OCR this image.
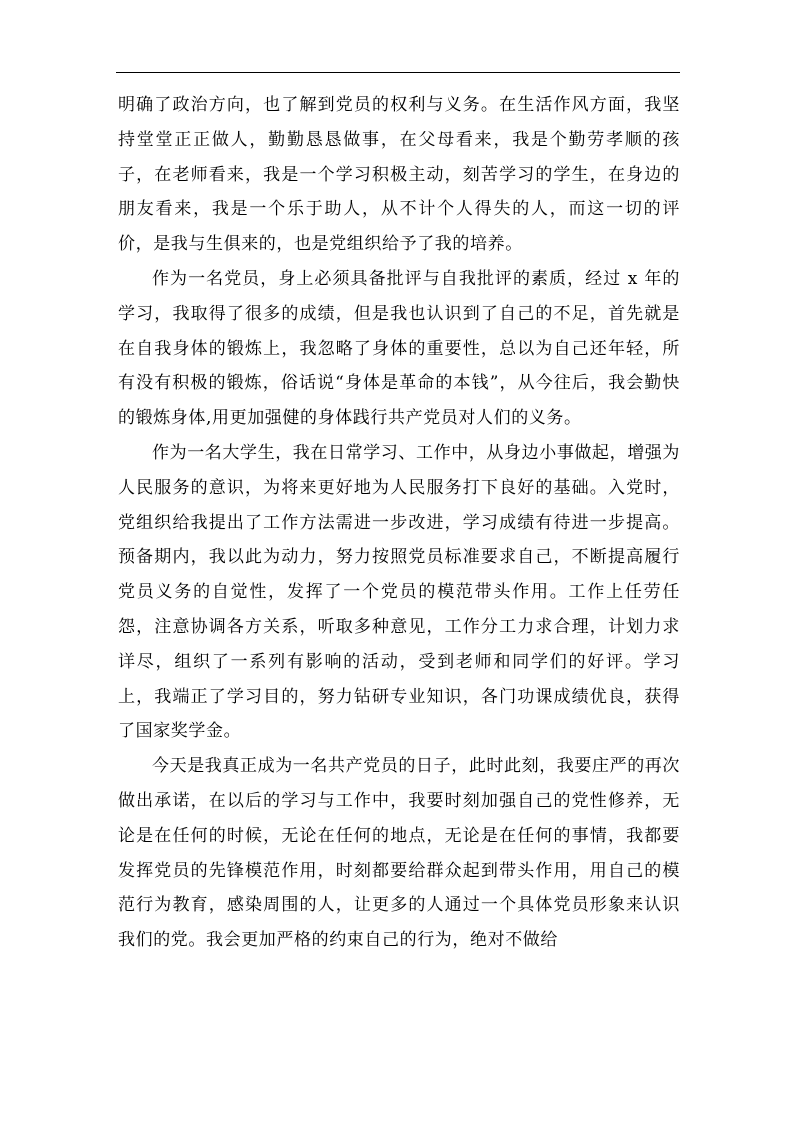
明确了政治方向，也了解到党员的权利与义务。在生活作风方面，我坚持堂堂正正做人，勤勤恳恳做事，在父母看来，我是个勤劳孝顺的孩子，在老师看来，我是一个学习积极主动，刻苦学习的学生，在身边的朋友看来，我是一个乐于助人，从不计个人得失的人，而这一切的评价，是我与生俱来的，也是党组织给予了我的培养。

作为一名党员，身上必须具备批评与自我批评的素质，经过 x 年的学习，我取得了很多的成绩，但是我也认识到了自己的不足，首先就是在自我身体的锻炼上，我忽略了身体的重要性，总以为自己还年轻，所有没有积极的锻炼，俗话说“身体是革命的本钱”，从今往后，我会勤快的锻炼身体,用更加强健的身体践行共产党员对人们的义务。

作为一名大学生，我在日常学习、工作中，从身边小事做起，增强为人民服务的意识，为将来更好地为人民服务打下良好的基础。入党时，党组织给我提出了工作方法需进一步改进，学习成绩有待进一步提高。预备期内，我以此为动力，努力按照党员标准要求自己，不断提高履行党员义务的自觉性，发挥了一个党员的模范带头作用。工作上任劳任怨，注意协调各方关系，听取多种意见，工作分工力求合理，计划力求详尽，组织了一系列有影响的活动，受到老师和同学们的好评。学习上，我端正了学习目的，努力钻研专业知识，各门功课成绩优良，获得了国家奖学金。

今天是我真正成为一名共产党员的日子，此时此刻，我要庄严的再次做出承诺，在以后的学习与工作中，我要时刻加强自己的党性修养，无论是在任何的时候，无论在任何的地点，无论是在任何的事情，我都要发挥党员的先锋模范作用，时刻都要给群众起到带头作用，用自己的模范行为教育，感染周围的人，让更多的人通过一个具体党员形象来认识我们的党。我会更加严格的约束自己的行为，绝对不做给
